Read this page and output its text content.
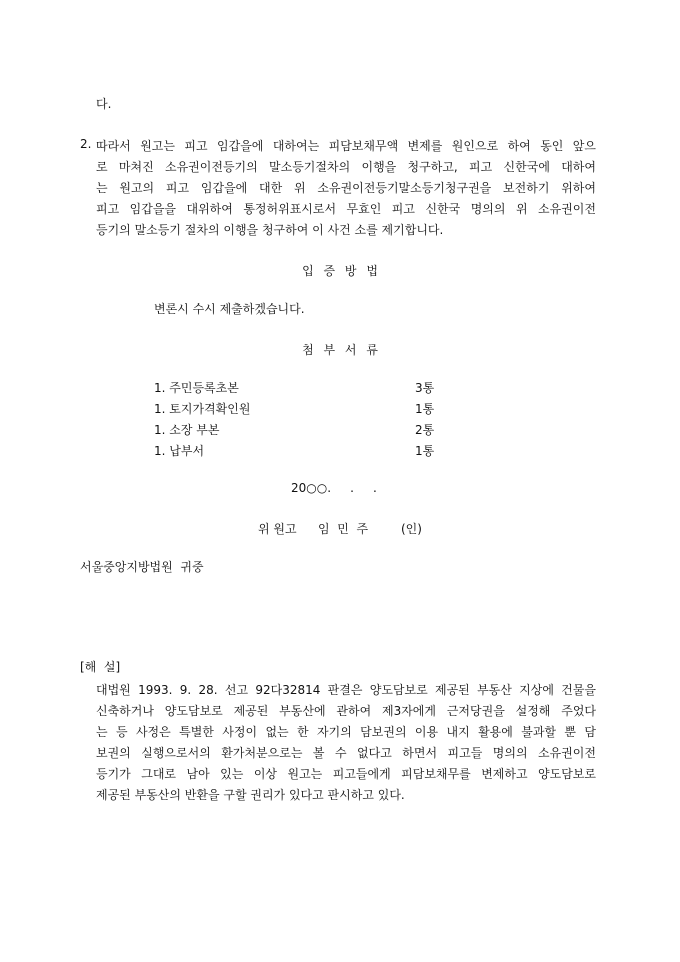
다.
2. 따라서 원고는 피고 임갑을에 대하여는 피담보채무액 변제를 원인으로 하여 동인 앞으
로 마쳐진 소유권이전등기의 말소등기절차의 이행을 청구하고, 피고 신한국에 대하여
는 원고의 피고 임갑을에 대한 위 소유권이전등기말소등기청구권을 보전하기 위하여
피고 임갑을을 대위하여 통정허위표시로서 무효인 피고 신한국 명의의 위 소유권이전
등기의 말소등기 절차의 이행을 청구하여 이 사건 소를 제기합니다.
입 증 방 법
변론시 수시 제출하겠습니다.
첨 부 서 류
1. 주민등록초본	3통
1. 토지가격확인원	1통
1. 소장 부본	2통
1. 납부서	1통
20○○.     .     .
위 원고 임  민  주	(인)
서울중앙지방법원  귀중
[해  설]
대법원 1993. 9. 28. 선고 92다32814 판결은 양도담보로 제공된 부동산 지상에 건물을
신축하거나 양도담보로 제공된 부동산에 관하여 제3자에게 근저당권을 설정해 주었다
는 등 사정은 특별한 사정이 없는 한 자기의 담보권의 이용 내지 활용에 불과할 뿐 담
보권의 실행으로서의 환가처분으로는 볼 수 없다고 하면서 피고들 명의의 소유권이전
등기가 그대로 남아 있는 이상 원고는 피고들에게 피담보채무를 변제하고 양도담보로
제공된 부동산의 반환을 구할 권리가 있다고 판시하고 있다.
